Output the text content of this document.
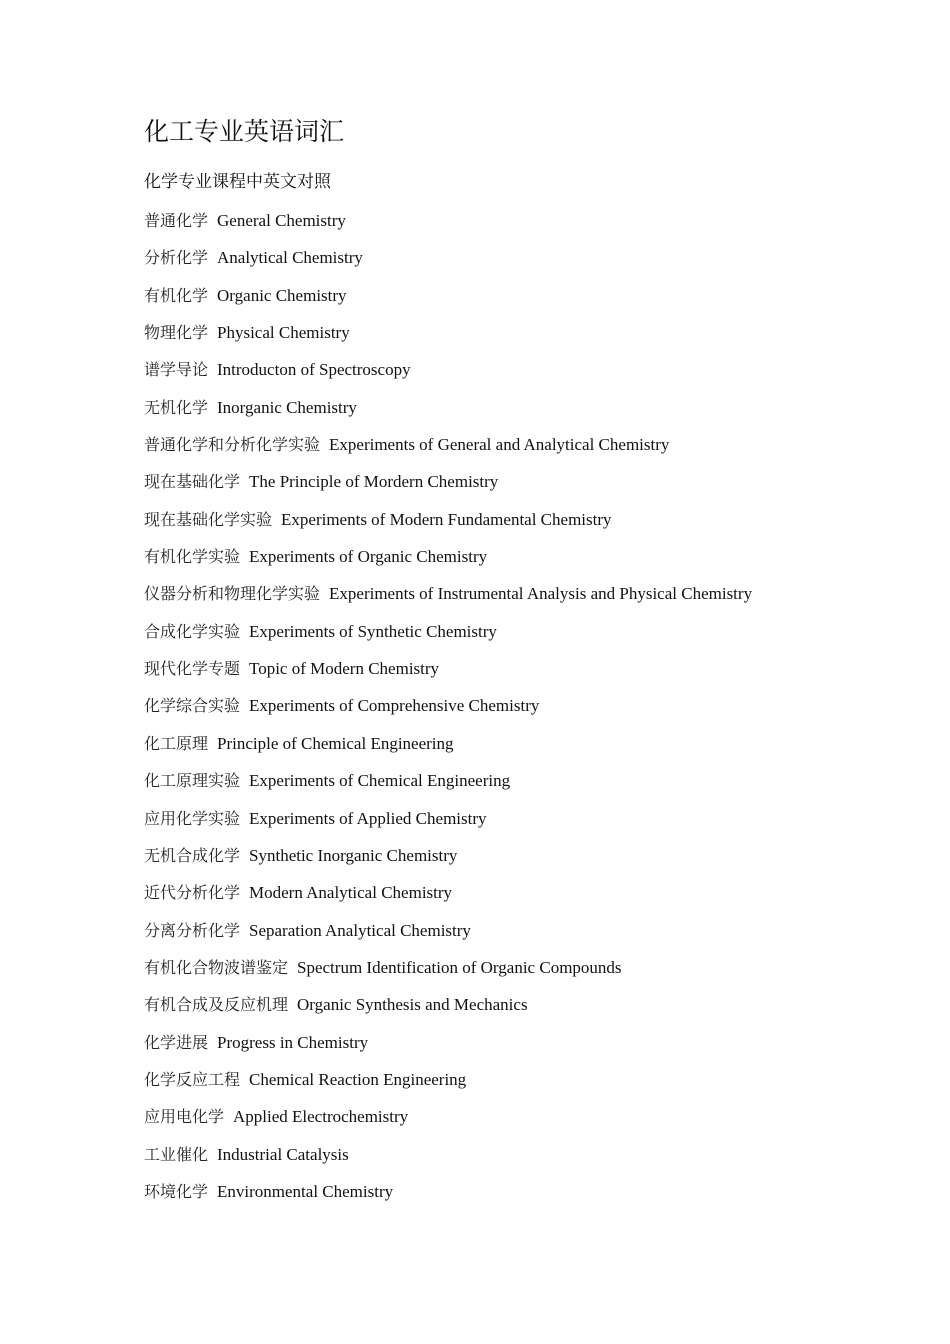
化工专业英语词汇

化学专业课程中英文对照

普通化学 General Chemistry
分析化学 Analytical Chemistry
有机化学 Organic Chemistry
物理化学 Physical Chemistry
谱学导论 Introducton of Spectroscopy
无机化学 Inorganic Chemistry
普通化学和分析化学实验 Experiments of General and Analytical Chemistry
现在基础化学 The Principle of Mordern Chemistry
现在基础化学实验 Experiments of Modern Fundamental Chemistry
有机化学实验 Experiments of Organic Chemistry
仪器分析和物理化学实验 Experiments of Instrumental Analysis and Physical Chemistry
合成化学实验 Experiments of Synthetic Chemistry
现代化学专题 Topic of Modern Chemistry
化学综合实验 Experiments of Comprehensive Chemistry
化工原理 Principle of Chemical Engineering
化工原理实验 Experiments of Chemical Engineering
应用化学实验 Experiments of Applied Chemistry
无机合成化学 Synthetic Inorganic Chemistry
近代分析化学 Modern Analytical Chemistry
分离分析化学 Separation Analytical Chemistry
有机化合物波谱鉴定 Spectrum Identification of Organic Compounds
有机合成及反应机理 Organic Synthesis and Mechanics
化学进展 Progress in Chemistry
化学反应工程 Chemical Reaction Engineering
应用电化学 Applied Electrochemistry
工业催化 Industrial Catalysis
环境化学 Environmental Chemistry
